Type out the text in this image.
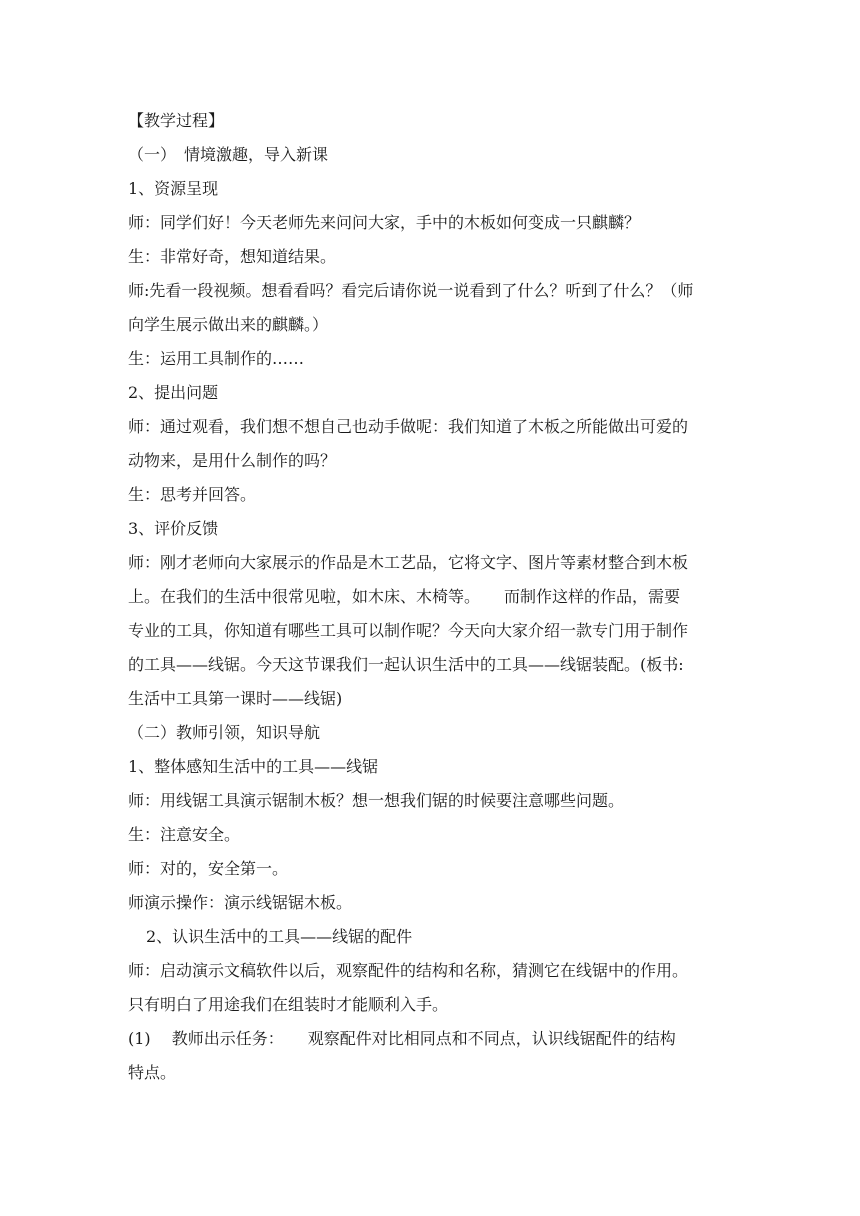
【教学过程】
（一）　情境激趣，导入新课
1、资源呈现
师：同学们好！今天老师先来问问大家，手中的木板如何变成一只麒麟？
生：非常好奇，想知道结果。
师:先看一段视频。想看看吗？看完后请你说一说看到了什么？听到了什么？（师
向学生展示做出来的麒麟。）
生：运用工具制作的……
2、提出问题
师：通过观看，我们想不想自己也动手做呢：我们知道了木板之所能做出可爱的
动物来，是用什么制作的吗？
生：思考并回答。
3、评价反馈
师：刚才老师向大家展示的作品是木工艺品，它将文字、图片等素材整合到木板
上。在我们的生活中很常见啦，如木床、木椅等。　　而制作这样的作品，需要
专业的工具，你知道有哪些工具可以制作呢？今天向大家介绍一款专门用于制作
的工具——线锯。今天这节课我们一起认识生活中的工具——线锯装配。(板书:
生活中工具第一课时——线锯)
（二）教师引领，知识导航
1、整体感知生活中的工具——线锯
师：用线锯工具演示锯制木板？想一想我们锯的时候要注意哪些问题。
生：注意安全。
师：对的，安全第一。
师演示操作：演示线锯锯木板。
2、认识生活中的工具——线锯的配件
师：启动演示文稿软件以后，观察配件的结构和名称，猜测它在线锯中的作用。
只有明白了用途我们在组装时才能顺利入手。
(1)　 教师出示任务：　　观察配件对比相同点和不同点，认识线锯配件的结构
特点。
